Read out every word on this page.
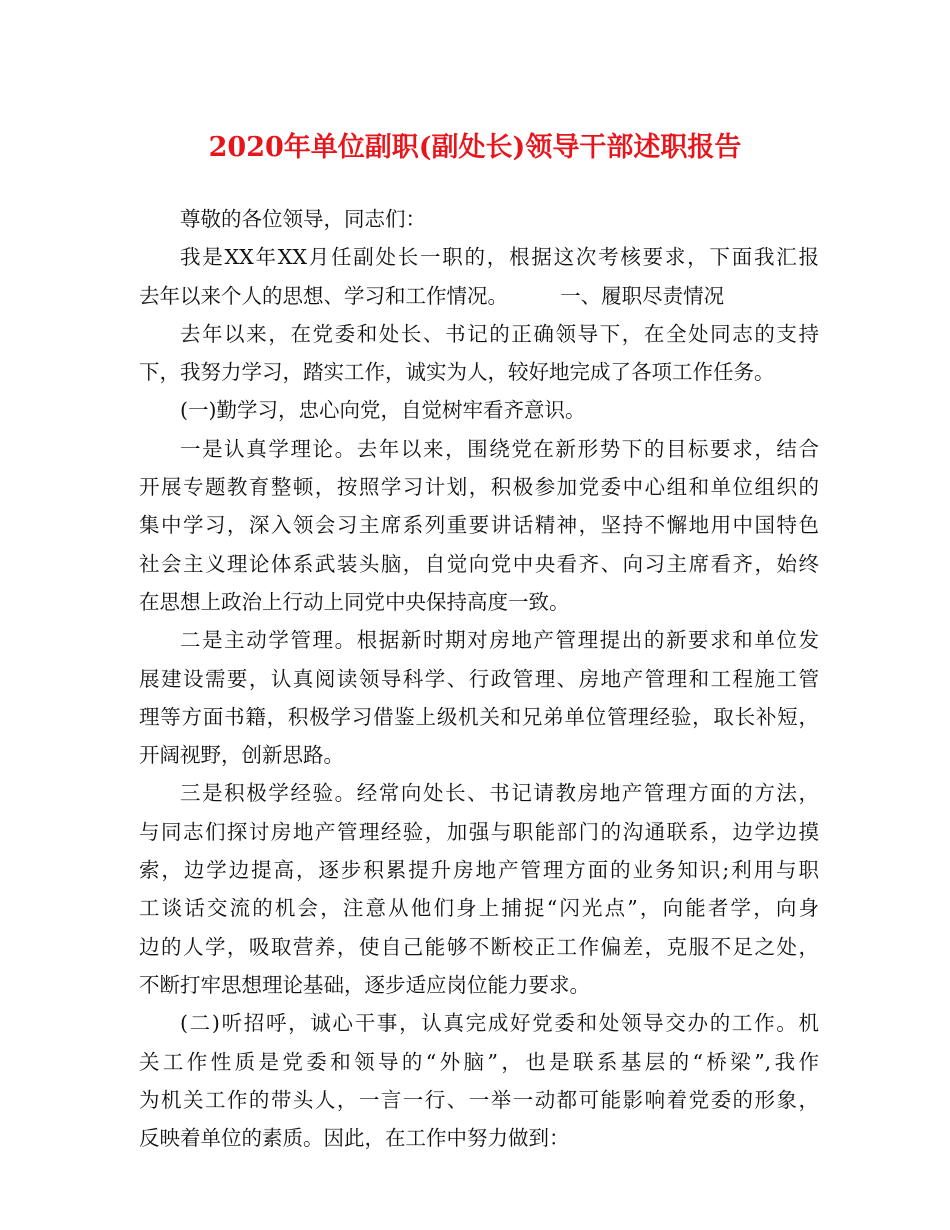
2020年单位副职(副处长)领导干部述职报告
尊敬的各位领导，同志们：
我是XX年XX月任副处长一职的，根据这次考核要求，下面我汇报
去年以来个人的思想、学习和工作情况。        一、履职尽责情况
去年以来，在党委和处长、书记的正确领导下，在全处同志的支持
下，我努力学习，踏实工作，诚实为人，较好地完成了各项工作任务。
(一)勤学习，忠心向党，自觉树牢看齐意识。
一是认真学理论。去年以来，围绕党在新形势下的目标要求，结合
开展专题教育整顿，按照学习计划，积极参加党委中心组和单位组织的
集中学习，深入领会习主席系列重要讲话精神，坚持不懈地用中国特色
社会主义理论体系武装头脑，自觉向党中央看齐、向习主席看齐，始终
在思想上政治上行动上同党中央保持高度一致。
二是主动学管理。根据新时期对房地产管理提出的新要求和单位发
展建设需要，认真阅读领导科学、行政管理、房地产管理和工程施工管
理等方面书籍，积极学习借鉴上级机关和兄弟单位管理经验，取长补短，
开阔视野，创新思路。
三是积极学经验。经常向处长、书记请教房地产管理方面的方法，
与同志们探讨房地产管理经验，加强与职能部门的沟通联系，边学边摸
索，边学边提高，逐步积累提升房地产管理方面的业务知识;利用与职
工谈话交流的机会，注意从他们身上捕捉“闪光点”，向能者学，向身
边的人学，吸取营养，使自己能够不断校正工作偏差，克服不足之处，
不断打牢思想理论基础，逐步适应岗位能力要求。
(二)听招呼，诚心干事，认真完成好党委和处领导交办的工作。机
关工作性质是党委和领导的“外脑”，也是联系基层的“桥梁”,我作
为机关工作的带头人，一言一行、一举一动都可能影响着党委的形象，
反映着单位的素质。因此，在工作中努力做到：
